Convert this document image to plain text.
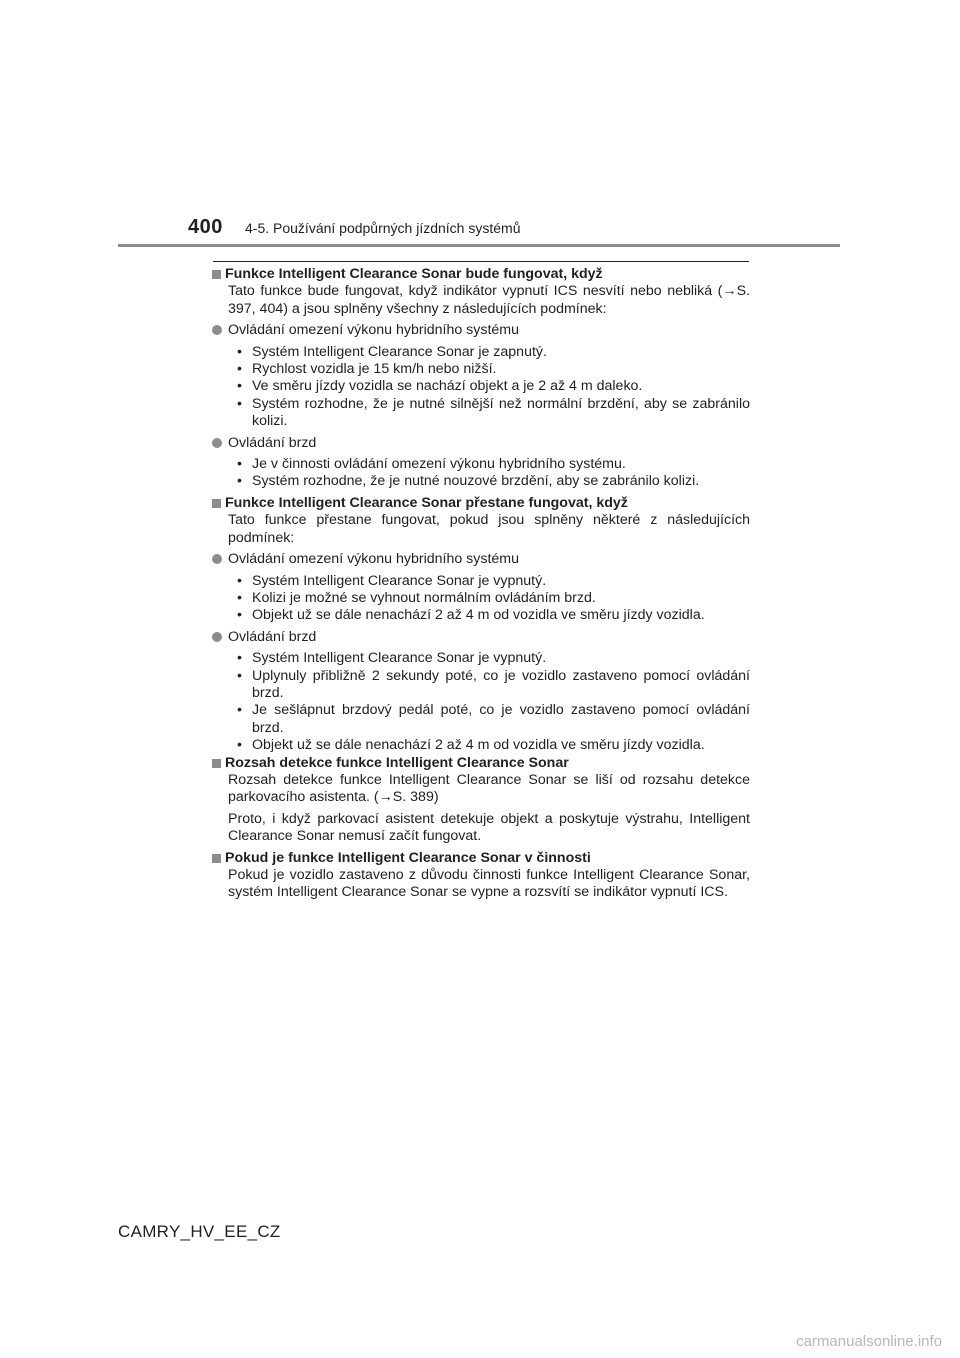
400 4-5. Používání podpůrných jízdních systémů

Funkce Intelligent Clearance Sonar bude fungovat, když

Tato funkce bude fungovat, když indikátor vypnutí ICS nesvítí nebo nebliká (→S. 397, 404) a jsou splněny všechny z následujících podmínek:

Ovládání omezení výkonu hybridního systému
• Systém Intelligent Clearance Sonar je zapnutý.
• Rychlost vozidla je 15 km/h nebo nižší.
• Ve směru jízdy vozidla se nachází objekt a je 2 až 4 m daleko.
• Systém rozhodne, že je nutné silnější než normální brzdění, aby se zabránilo kolizi.
Ovládání brzd
• Je v činnosti ovládání omezení výkonu hybridního systému.
• Systém rozhodne, že je nutné nouzové brzdění, aby se zabránilo kolizi.

Funkce Intelligent Clearance Sonar přestane fungovat, když

Tato funkce přestane fungovat, pokud jsou splněny některé z následujících podmínek:

Ovládání omezení výkonu hybridního systému
• Systém Intelligent Clearance Sonar je vypnutý.
• Kolizi je možné se vyhnout normálním ovládáním brzd.
• Objekt už se dále nenachází 2 až 4 m od vozidla ve směru jízdy vozidla.
Ovládání brzd
• Systém Intelligent Clearance Sonar je vypnutý.
• Uplynuly přibližně 2 sekundy poté, co je vozidlo zastaveno pomocí ovládání brzd.
• Je sešlápnut brzdový pedál poté, co je vozidlo zastaveno pomocí ovládání brzd.
• Objekt už se dále nenachází 2 až 4 m od vozidla ve směru jízdy vozidla.

Rozsah detekce funkce Intelligent Clearance Sonar

Rozsah detekce funkce Intelligent Clearance Sonar se liší od rozsahu detekce parkovacího asistenta. (→S. 389)

Proto, i když parkovací asistent detekuje objekt a poskytuje výstrahu, Intelligent Clearance Sonar nemusí začít fungovat.

Pokud je funkce Intelligent Clearance Sonar v činnosti

Pokud je vozidlo zastaveno z důvodu činnosti funkce Intelligent Clearance Sonar, systém Intelligent Clearance Sonar se vypne a rozsvítí se indikátor vypnutí ICS.

CAMRY_HV_EE_CZ
carmanualsonline.info
